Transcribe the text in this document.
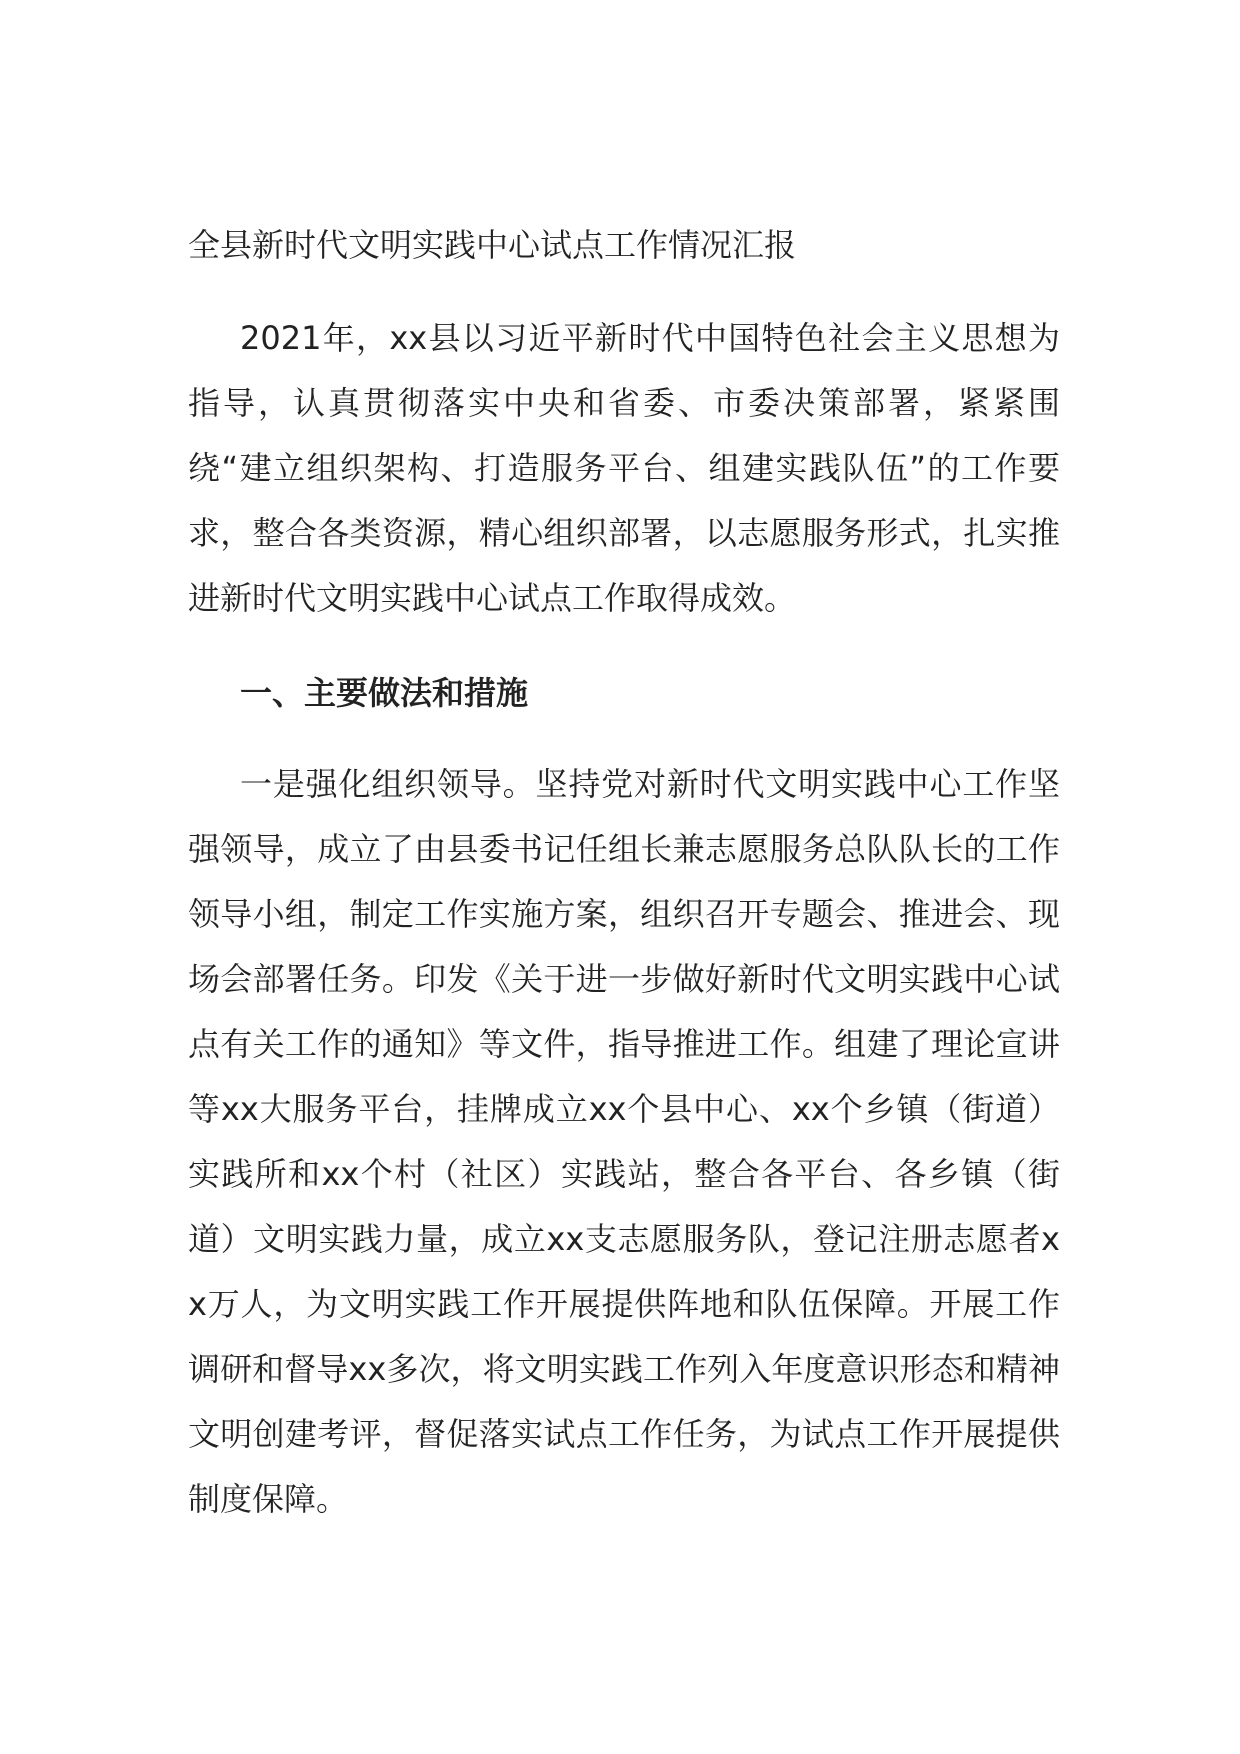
全县新时代文明实践中心试点工作情况汇报

2021年，xx县以习近平新时代中国特色社会主义思想为指导，认真贯彻落实中央和省委、市委决策部署，紧紧围绕“建立组织架构、打造服务平台、组建实践队伍”的工作要求，整合各类资源，精心组织部署，以志愿服务形式，扎实推进新时代文明实践中心试点工作取得成效。

一、主要做法和措施

一是强化组织领导。坚持党对新时代文明实践中心工作坚强领导，成立了由县委书记任组长兼志愿服务总队队长的工作领导小组，制定工作实施方案，组织召开专题会、推进会、现场会部署任务。印发《关于进一步做好新时代文明实践中心试点有关工作的通知》等文件，指导推进工作。组建了理论宣讲等xx大服务平台，挂牌成立xx个县中心、xx个乡镇（街道）实践所和xx个村（社区）实践站，整合各平台、各乡镇（街道）文明实践力量，成立xx支志愿服务队，登记注册志愿者xx万人，为文明实践工作开展提供阵地和队伍保障。开展工作调研和督导xx多次，将文明实践工作列入年度意识形态和精神文明创建考评，督促落实试点工作任务，为试点工作开展提供制度保障。
